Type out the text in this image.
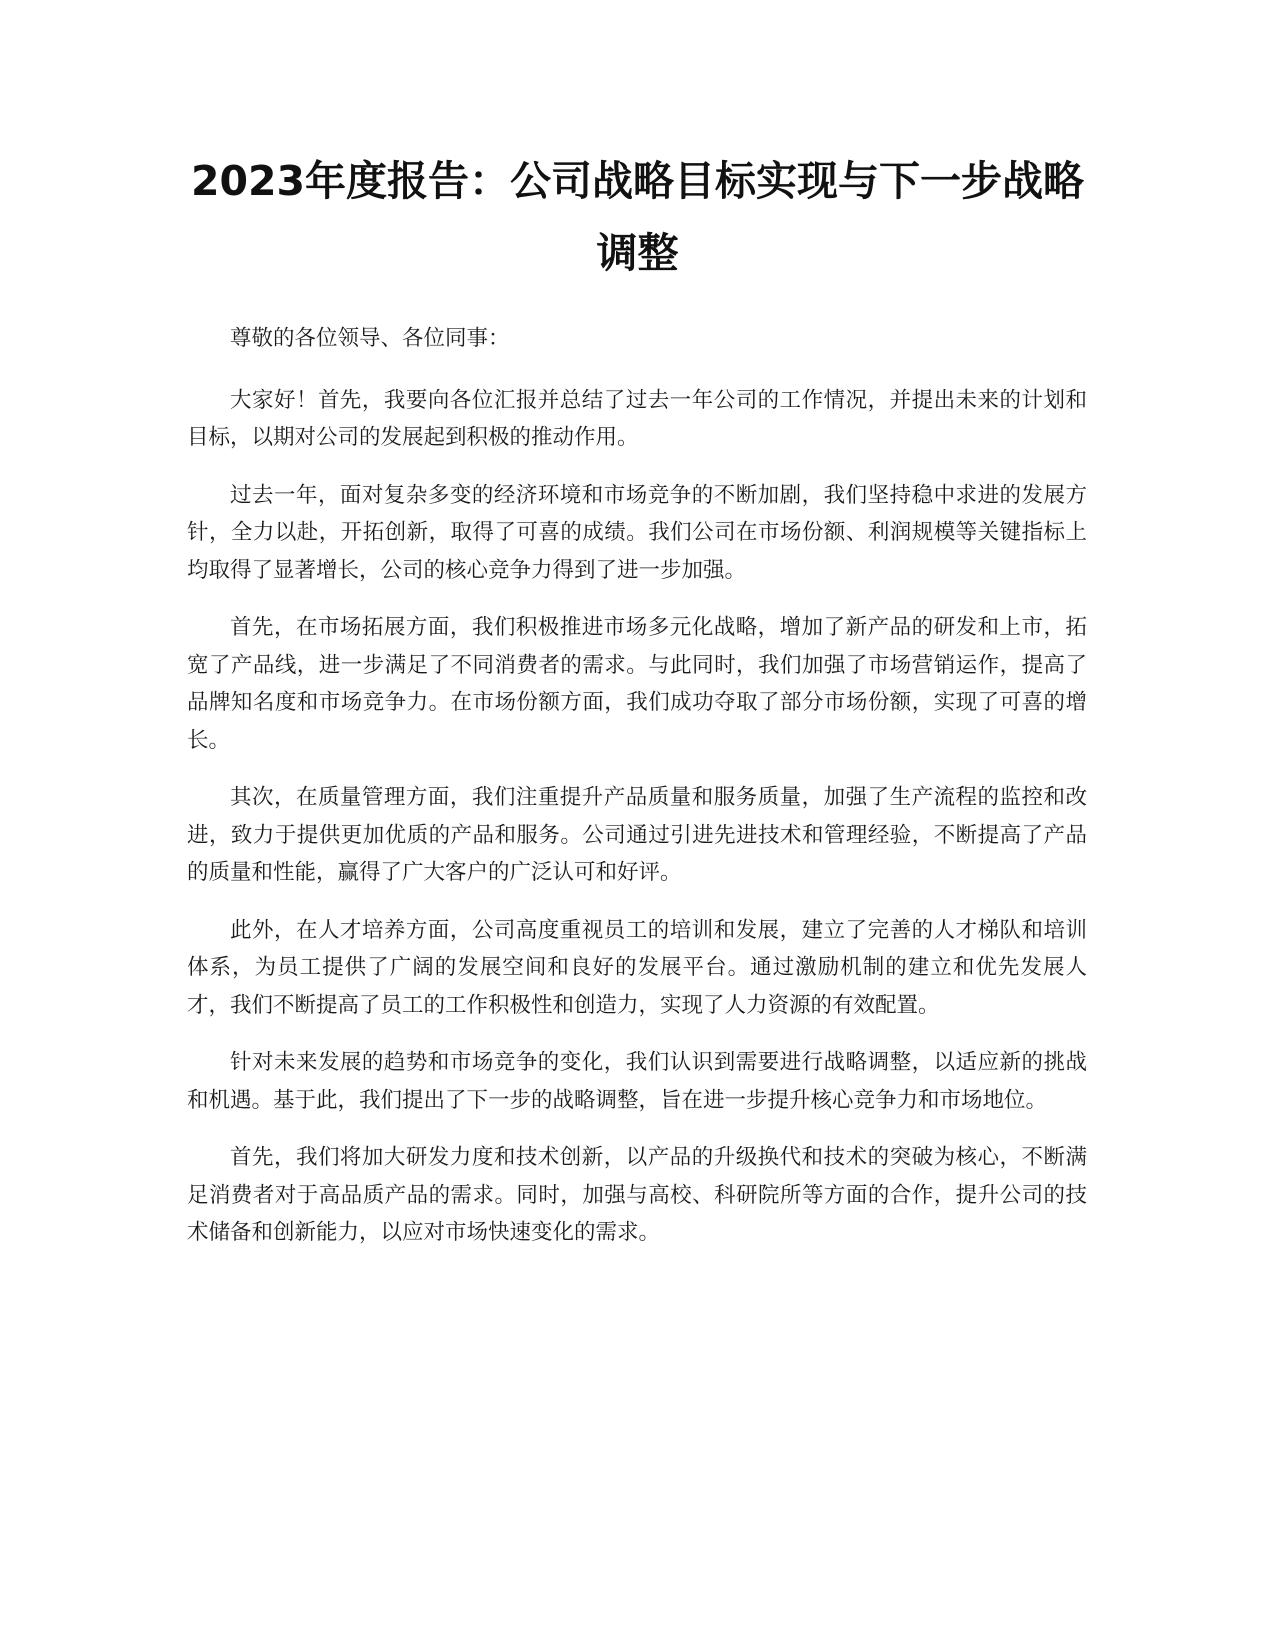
2023年度报告：公司战略目标实现与下一步战略调整

尊敬的各位领导、各位同事：

大家好！首先，我要向各位汇报并总结了过去一年公司的工作情况，并提出未来的计划和目标，以期对公司的发展起到积极的推动作用。

过去一年，面对复杂多变的经济环境和市场竞争的不断加剧，我们坚持稳中求进的发展方针，全力以赴，开拓创新，取得了可喜的成绩。我们公司在市场份额、利润规模等关键指标上均取得了显著增长，公司的核心竞争力得到了进一步加强。

首先，在市场拓展方面，我们积极推进市场多元化战略，增加了新产品的研发和上市，拓宽了产品线，进一步满足了不同消费者的需求。与此同时，我们加强了市场营销运作，提高了品牌知名度和市场竞争力。在市场份额方面，我们成功夺取了部分市场份额，实现了可喜的增长。

其次，在质量管理方面，我们注重提升产品质量和服务质量，加强了生产流程的监控和改进，致力于提供更加优质的产品和服务。公司通过引进先进技术和管理经验，不断提高了产品的质量和性能，赢得了广大客户的广泛认可和好评。

此外，在人才培养方面，公司高度重视员工的培训和发展，建立了完善的人才梯队和培训体系，为员工提供了广阔的发展空间和良好的发展平台。通过激励机制的建立和优先发展人才，我们不断提高了员工的工作积极性和创造力，实现了人力资源的有效配置。

针对未来发展的趋势和市场竞争的变化，我们认识到需要进行战略调整，以适应新的挑战和机遇。基于此，我们提出了下一步的战略调整，旨在进一步提升核心竞争力和市场地位。

首先，我们将加大研发力度和技术创新，以产品的升级换代和技术的突破为核心，不断满足消费者对于高品质产品的需求。同时，加强与高校、科研院所等方面的合作，提升公司的技术储备和创新能力，以应对市场快速变化的需求。
